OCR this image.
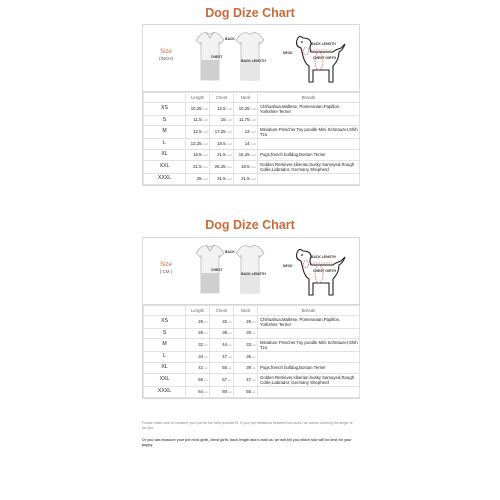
Dog Dize Chart
Size
(INCH)
BACK
CHEST
BACK LENGTH
BACK LENGTH
NECK
CHEST GIRTH
	Length	Chest	Neck	Breeds
XS	10.25inch	12.5inch	10.25inch	Chihuahua,Maltese, Pomeranian,Papillon, Yorkshire Terrier
S	11.5inch	15inch	11.75inch	
M	12.5inch	17.25inch	13inch	Miniature Pinscher,Toy poodle Mini Schnauzer,Shih Tzu
L	13.25inch	18.5inch	14inch	
XL	16.5inch	21.5inch	15.25inch	Pugs,french bulldog,Boston Terrier
XXL	21.5inch	26.25inch	18.5inch	Golden Retriever,siberian,husky Samoyed,Rough Collie,Labrador, Germany Shepherd
XXXL	25inch	31.5inch	21.5inch	
Dog Dize Chart
Size
( CM )
BACK
CHEST
BACK LENGTH
BACK LENGTH
NECK
CHEST GIRTH
	Length	Chest	Neck	Breeds
XS	26cm	32cm	26cm	Chihuahua,Maltese, Pomeranian,Papillon, Yorkshire Terrier
S	29cm	38cm	30cm	
M	32cm	44cm	33cm	Miniature Pinscher,Toy poodle Mini Schnauzer,Shih Tzu
L	34cm	47cm	36cm	
XL	42cm	55cm	39cm	Pugs,french bulldog,Boston Terrier
XXL	55cm	67cm	47cm	Golden Retriever,siberian,husky Samoyed,Rough Collie,Labrador, Germany Shepherd
XXXL	64cm	80cm	55cm	
Please make sure to measure your pet for the best possible fit. If your pet measures between two sizes, we advise ordering the larger of the two.
Or you can measure your pet neck girth, chest girth, back length and e-mail us, we will tell you which size will be best for your puppy
